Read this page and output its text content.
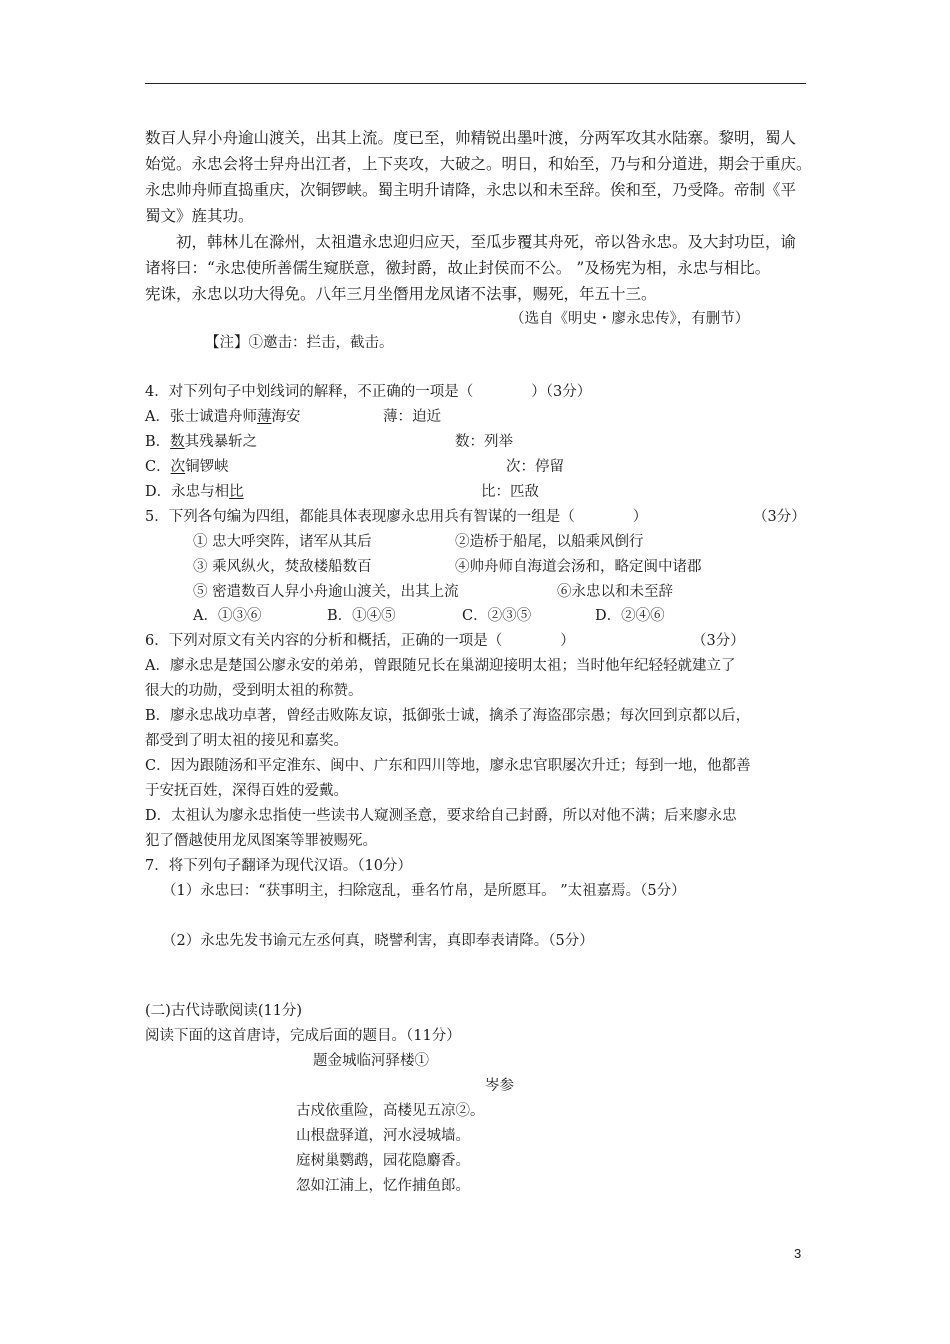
数百人舁小舟逾山渡关，出其上流。度已至，帅精锐出墨叶渡，分两军攻其水陆寨。黎明，蜀人
始觉。永忠会将士舁舟出江者，上下夹攻，大破之。明日，和始至，乃与和分道进，期会于重庆。
永忠帅舟师直捣重庆，次铜锣峡。蜀主明升请降，永忠以和未至辞。俟和至，乃受降。帝制《平
蜀文》旌其功。
初，韩林儿在滁州，太祖遣永忠迎归应天，至瓜步覆其舟死，帝以咎永忠。及大封功臣，谕
诸将曰：“永忠使所善儒生窥朕意，徼封爵，故止封侯而不公。 ”及杨宪为相，永忠与相比。
宪诛，永忠以功大得免。八年三月坐僭用龙凤诸不法事，赐死，年五十三。
（选自《明史・廖永忠传》，有删节）
【注】①邀击：拦击，截击。
4．对下列句子中划线词的解释，不正确的一项是（　　　　）（3分）
A．张士诚遣舟师薄海安	薄：迫近
B．数其残暴斩之	数：列举
C．次铜锣峡	次：停留
D．永忠与相比	比：匹敌
5．下列各句编为四组，都能具体表现廖永忠用兵有智谋的一组是（　　　　）	（3分）
① 忠大呼突阵，诸军从其后	②造桥于船尾，以船乘风倒行
③ 乘风纵火，焚敌楼船数百	④帅舟师自海道会汤和，略定闽中诸郡
⑤ 密遣数百人舁小舟逾山渡关，出其上流	⑥永忠以和未至辞
A．①③⑥	B．①④⑤	C．②③⑤	D．②④⑥
6．下列对原文有关内容的分析和概括，正确的一项是（　　　　）	（3分）
A．廖永忠是楚国公廖永安的弟弟，曾跟随兄长在巢湖迎接明太祖；当时他年纪轻轻就建立了
很大的功勋，受到明太祖的称赞。
B．廖永忠战功卓著，曾经击败陈友谅，抵御张士诚，擒杀了海盗邵宗愚；每次回到京都以后，
都受到了明太祖的接见和嘉奖。
C．因为跟随汤和平定淮东、闽中、广东和四川等地，廖永忠官职屡次升迁；每到一地，他都善
于安抚百姓，深得百姓的爱戴。
D．太祖认为廖永忠指使一些读书人窥测圣意，要求给自己封爵，所以对他不满；后来廖永忠
犯了僭越使用龙凤图案等罪被赐死。
7．将下列句子翻译为现代汉语。（10分）
（1）永忠曰：“获事明主，扫除寇乱，垂名竹帛，是所愿耳。 ”太祖嘉焉。（5分）
（2）永忠先发书谕元左丞何真，晓譬利害，真即奉表请降。（5分）
(二)古代诗歌阅读(11分)
阅读下面的这首唐诗，完成后面的题目。（11分）
题金城临河驿楼①
岑参
古戍依重险，高楼见五凉②。
山根盘驿道，河水浸城墙。
庭树巢鹦鹉，园花隐麝香。
忽如江浦上，忆作捕鱼郎。
3
